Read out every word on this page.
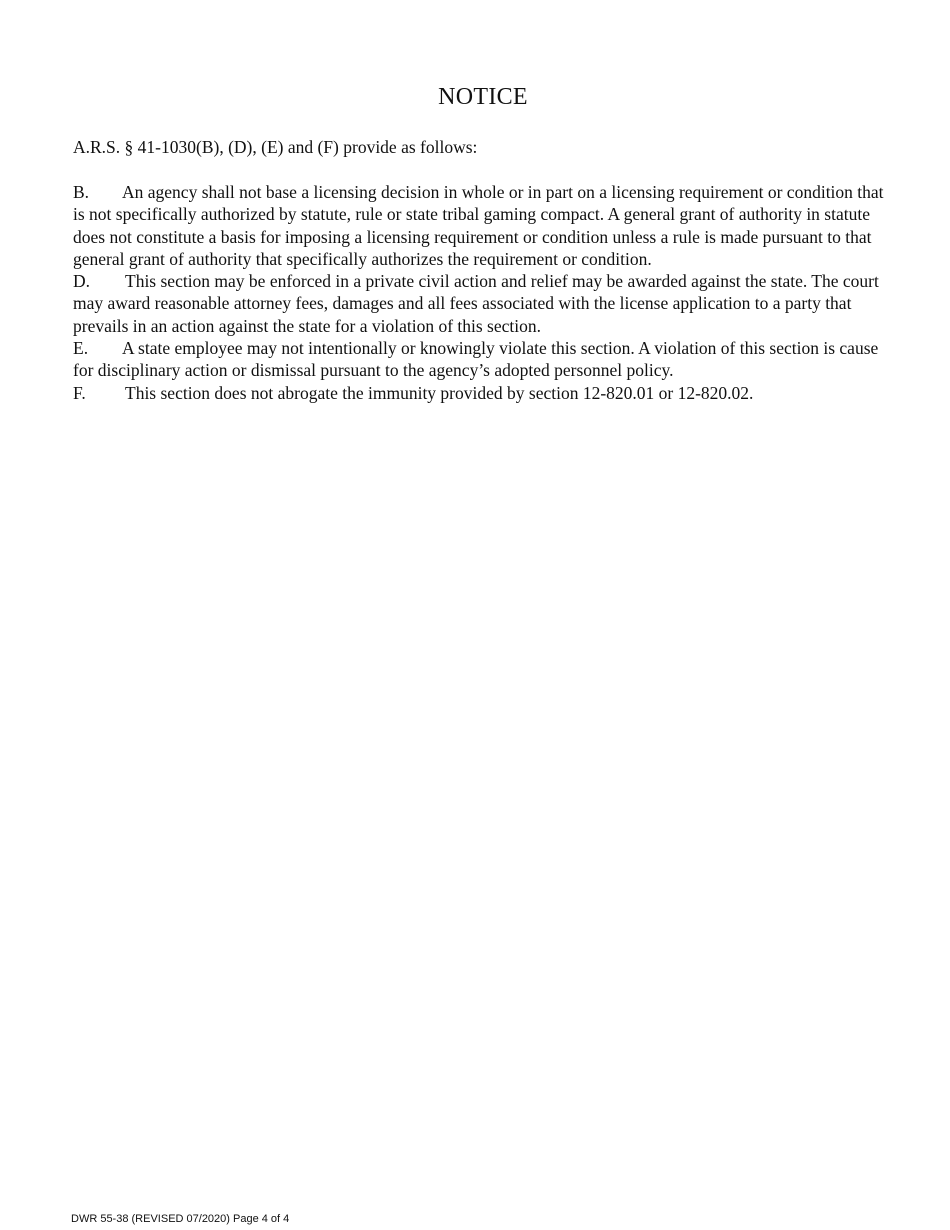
NOTICE
A.R.S. § 41-1030(B), (D), (E) and (F) provide as follows:

B. An agency shall not base a licensing decision in whole or in part on a licensing requirement or condition that is not specifically authorized by statute, rule or state tribal gaming compact. A general grant of authority in statute does not constitute a basis for imposing a licensing requirement or condition unless a rule is made pursuant to that general grant of authority that specifically authorizes the requirement or condition.

D. This section may be enforced in a private civil action and relief may be awarded against the state. The court may award reasonable attorney fees, damages and all fees associated with the license application to a party that prevails in an action against the state for a violation of this section.

E. A state employee may not intentionally or knowingly violate this section. A violation of this section is cause for disciplinary action or dismissal pursuant to the agency’s adopted personnel policy.

F. This section does not abrogate the immunity provided by section 12-820.01 or 12-820.02.

DWR 55-38 (REVISED 07/2020) Page 4 of 4
